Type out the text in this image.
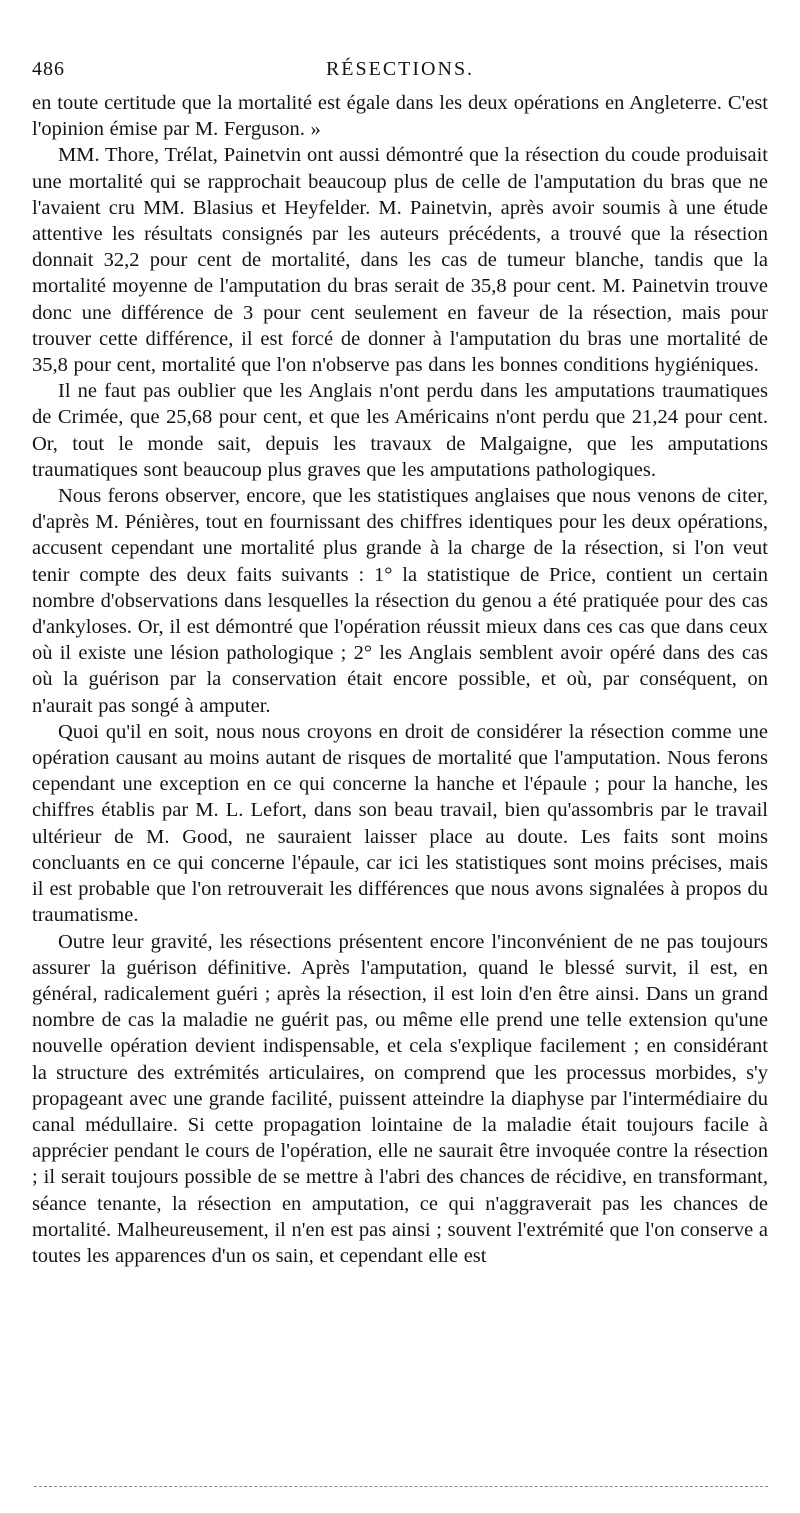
486	RÉSECTIONS.

en toute certitude que la mortalité est égale dans les deux opérations en Angleterre. C'est l'opinion émise par M. Ferguson. »

MM. Thore, Trélat, Painetvin ont aussi démontré que la résection du coude produisait une mortalité qui se rapprochait beaucoup plus de celle de l'amputation du bras que ne l'avaient cru MM. Blasius et Heyfelder. M. Painetvin, après avoir soumis à une étude attentive les résultats consignés par les auteurs précédents, a trouvé que la résection donnait 32,2 pour cent de mortalité, dans les cas de tumeur blanche, tandis que la mortalité moyenne de l'amputation du bras serait de 35,8 pour cent. M. Painetvin trouve donc une différence de 3 pour cent seulement en faveur de la résection, mais pour trouver cette différence, il est forcé de donner à l'amputation du bras une mortalité de 35,8 pour cent, mortalité que l'on n'observe pas dans les bonnes conditions hygiéniques.

Il ne faut pas oublier que les Anglais n'ont perdu dans les amputations traumatiques de Crimée, que 25,68 pour cent, et que les Américains n'ont perdu que 21,24 pour cent. Or, tout le monde sait, depuis les travaux de Malgaigne, que les amputations traumatiques sont beaucoup plus graves que les amputations pathologiques.

Nous ferons observer, encore, que les statistiques anglaises que nous venons de citer, d'après M. Pénières, tout en fournissant des chiffres identiques pour les deux opérations, accusent cependant une mortalité plus grande à la charge de la résection, si l'on veut tenir compte des deux faits suivants : 1° la statistique de Price, contient un certain nombre d'observations dans lesquelles la résection du genou a été pratiquée pour des cas d'ankyloses. Or, il est démontré que l'opération réussit mieux dans ces cas que dans ceux où il existe une lésion pathologique ; 2° les Anglais semblent avoir opéré dans des cas où la guérison par la conservation était encore possible, et où, par conséquent, on n'aurait pas songé à amputer.

Quoi qu'il en soit, nous nous croyons en droit de considérer la résection comme une opération causant au moins autant de risques de mortalité que l'amputation. Nous ferons cependant une exception en ce qui concerne la hanche et l'épaule ; pour la hanche, les chiffres établis par M. L. Lefort, dans son beau travail, bien qu'assombris par le travail ultérieur de M. Good, ne sauraient laisser place au doute. Les faits sont moins concluants en ce qui concerne l'épaule, car ici les statistiques sont moins précises, mais il est probable que l'on retrouverait les différences que nous avons signalées à propos du traumatisme.

Outre leur gravité, les résections présentent encore l'inconvénient de ne pas toujours assurer la guérison définitive. Après l'amputation, quand le blessé survit, il est, en général, radicalement guéri ; après la résection, il est loin d'en être ainsi. Dans un grand nombre de cas la maladie ne guérit pas, ou même elle prend une telle extension qu'une nouvelle opération devient indispensable, et cela s'explique facilement ; en considérant la structure des extrémités articulaires, on comprend que les processus morbides, s'y propageant avec une grande facilité, puissent atteindre la diaphyse par l'intermédiaire du canal médullaire. Si cette propagation lointaine de la maladie était toujours facile à apprécier pendant le cours de l'opération, elle ne saurait être invoquée contre la résection ; il serait toujours possible de se mettre à l'abri des chances de récidive, en transformant, séance tenante, la résection en amputation, ce qui n'aggraverait pas les chances de mortalité. Malheureusement, il n'en est pas ainsi ; souvent l'extrémité que l'on conserve a toutes les apparences d'un os sain, et cependant elle est
